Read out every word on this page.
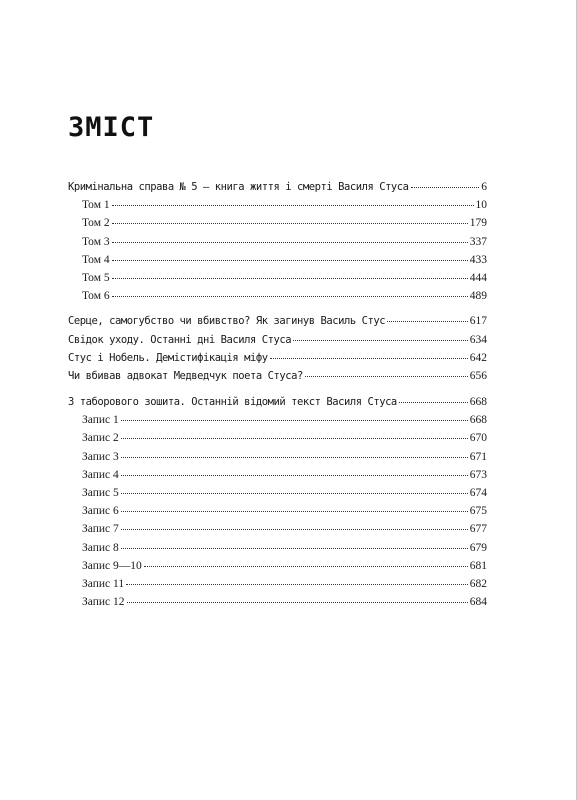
ЗМІСТ
Кримінальна справа № 5 — книга життя і смерті Василя Стуса	6
Том 1	10
Том 2	179
Том 3	337
Том 4	433
Том 5	444
Том 6	489
Серце, самогубство чи вбивство? Як загинув Василь Стус	617
Свідок уходу. Останні дні Василя Стуса	634
Стус і Нобель. Демістифікація міфу	642
Чи вбивав адвокат Медведчук поета Стуса?	656
З таборового зошита. Останній відомий текст Василя Стуса	668
Запис 1	668
Запис 2	670
Запис 3	671
Запис 4	673
Запис 5	674
Запис 6	675
Запис 7	677
Запис 8	679
Запис 9—10	681
Запис 11	682
Запис 12	684
